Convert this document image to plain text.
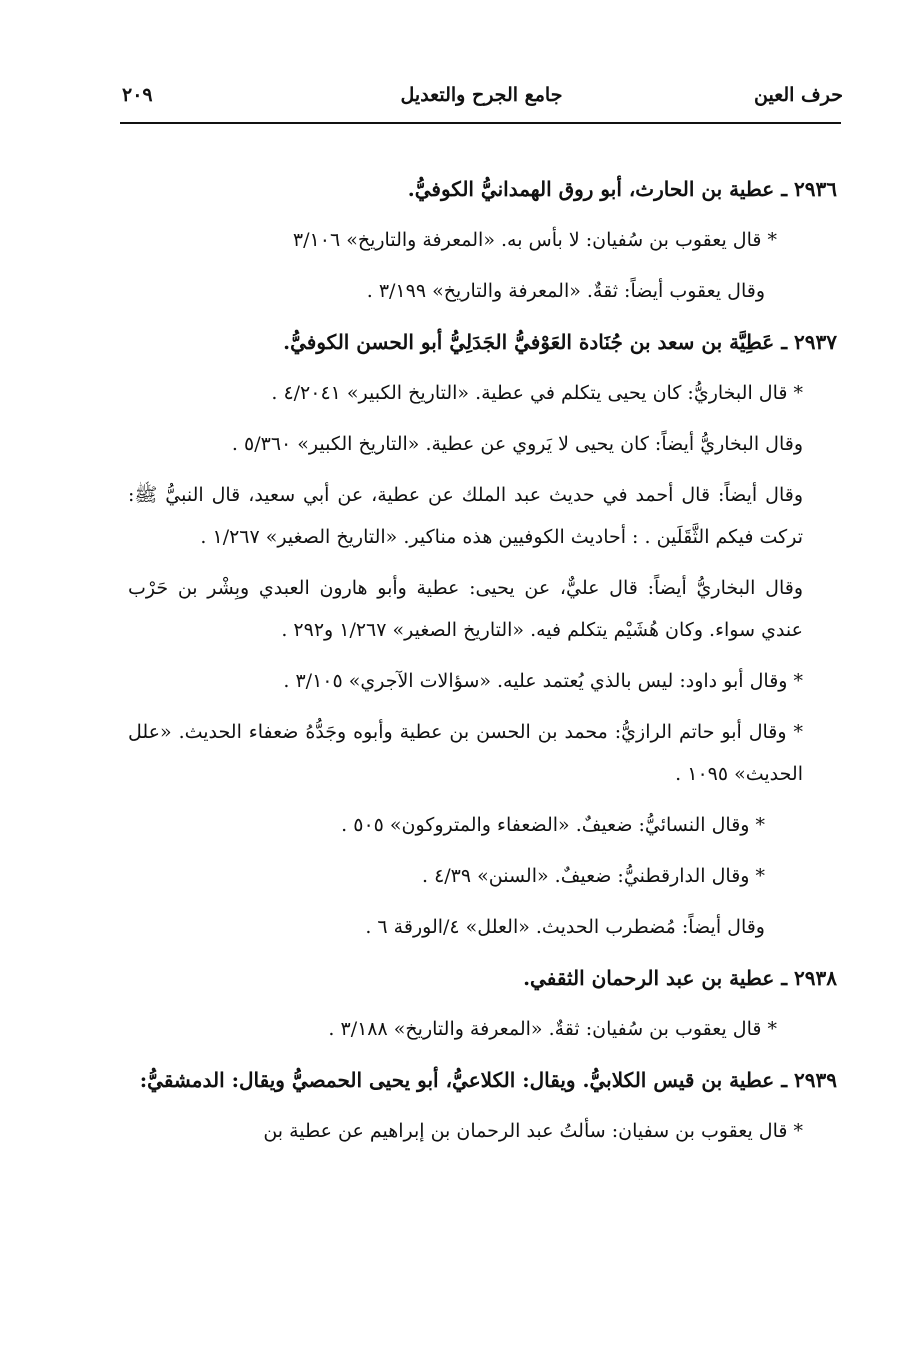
حرف العين
جامع الجرح والتعديل
٢٠٩

٢٩٣٦ ـ عطية بن الحارث، أبو روق الهمدانيُّ الكوفيُّ.

* قال يعقوب بن سُفيان: لا بأس به. «المعرفة والتاريخ» ٣/١٠٦

وقال يعقوب أيضاً: ثقةٌ. «المعرفة والتاريخ» ٣/١٩٩ .

٢٩٣٧ ـ عَطِيَّة بن سعد بن جُنَادة العَوْفيُّ الجَدَلِيُّ أبو الحسن الكوفيُّ.

* قال البخاريُّ: كان يحيى يتكلم في عطية. «التاريخ الكبير» ٤/٢٠٤١ .

وقال البخاريُّ أيضاً: كان يحيى لا يَروي عن عطية. «التاريخ الكبير» ٥/٣٦٠ .

وقال أيضاً: قال أحمد في حديث عبد الملك عن عطية، عن أبي سعيد، قال النبيُّ ﷺ: تركت فيكم الثَّقَلَين . : أحاديث الكوفيين هذه مناكير. «التاريخ الصغير» ١/٢٦٧ .

وقال البخاريُّ أيضاً: قال عليٌّ، عن يحيى: عطية وأبو هارون العبدي وبِشْر بن حَرْب عندي سواء. وكان هُشَيْم يتكلم فيه. «التاريخ الصغير» ١/٢٦٧ و٢٩٢ .

* وقال أبو داود: ليس بالذي يُعتمد عليه. «سؤالات الآجري» ٣/١٠٥ .

* وقال أبو حاتم الرازيُّ: محمد بن الحسن بن عطية وأبوه وجَدُّهُ ضعفاء الحديث. «علل الحديث» ١٠٩٥ .

* وقال النسائيُّ: ضعيفٌ. «الضعفاء والمتروكون» ٥٠٥ .

* وقال الدارقطنيُّ: ضعيفٌ. «السنن» ٤/٣٩ .

وقال أيضاً: مُضطرب الحديث. «العلل» ٤/الورقة ٦ .

٢٩٣٨ ـ عطية بن عبد الرحمان الثقفي.

* قال يعقوب بن سُفيان: ثقةٌ. «المعرفة والتاريخ» ٣/١٨٨ .

٢٩٣٩ ـ عطية بن قيس الكلابيُّ. ويقال: الكلاعيُّ، أبو يحيى الحمصيُّ ويقال: الدمشقيُّ:

* قال يعقوب بن سفيان: سألتُ عبد الرحمان بن إبراهيم عن عطية بن
